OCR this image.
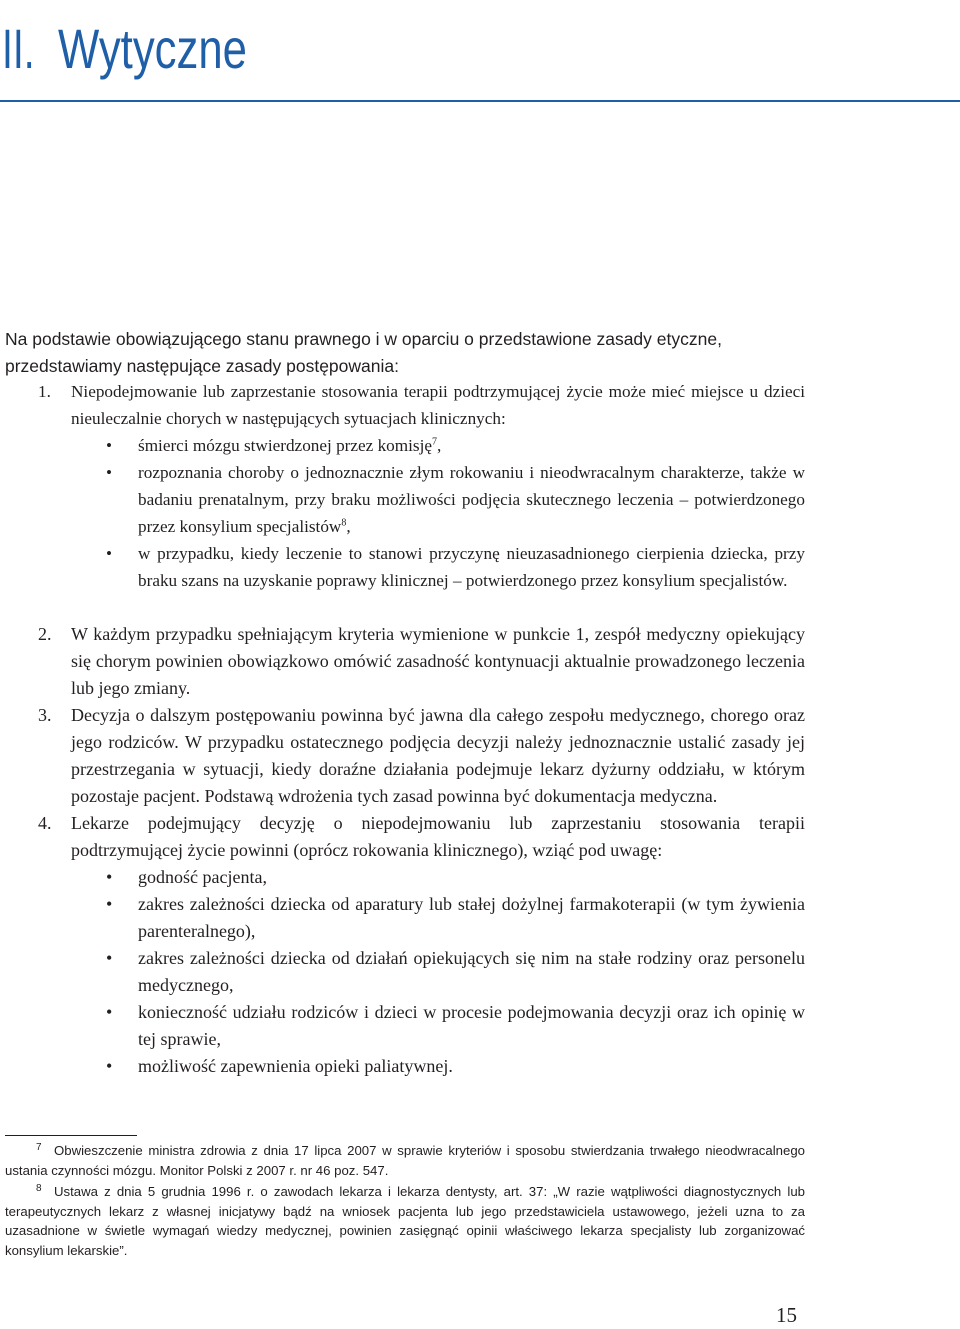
II. Wytyczne

Na podstawie obowiązującego stanu prawnego i w oparciu o przedstawione zasady etyczne, przedstawiamy następujące zasady postępowania:

1. Niepodejmowanie lub zaprzestanie stosowania terapii podtrzymującej życie może mieć miejsce u dzieci nieuleczalnie chorych w następujących sytuacjach klinicznych:
• śmierci mózgu stwierdzonej przez komisję$^7$,
• rozpoznania choroby o jednoznacznie złym rokowaniu i nieodwracalnym charakterze, także w badaniu prenatalnym, przy braku możliwości podjęcia skutecznego leczenia – potwierdzonego przez konsylium specjalistów$^8$,
• w przypadku, kiedy leczenie to stanowi przyczynę nieuzasadnionego cierpienia dziecka, przy braku szans na uzyskanie poprawy klinicznej – potwierdzonego przez konsylium specjalistów.
2. W każdym przypadku spełniającym kryteria wymienione w punkcie 1, zespół medyczny opiekujący się chorym powinien obowiązkowo omówić zasadność kontynuacji aktualnie prowadzonego leczenia lub jego zmiany.
3. Decyzja o dalszym postępowaniu powinna być jawna dla całego zespołu medycznego, chorego oraz jego rodziców. W przypadku ostatecznego podjęcia decyzji należy jednoznacznie ustalić zasady jej przestrzegania w sytuacji, kiedy doraźne działania podejmuje lekarz dyżurny oddziału, w którym pozostaje pacjent. Podstawą wdrożenia tych zasad powinna być dokumentacja medyczna.
4. Lekarze podejmujący decyzję o niepodejmowaniu lub zaprzestaniu stosowania terapii podtrzymującej życie powinni (oprócz rokowania klinicznego), wziąć pod uwagę:
• godność pacjenta,
• zakres zależności dziecka od aparatury lub stałej dożylnej farmakoterapii (w tym żywienia parenteralnego),
• zakres zależności dziecka od działań opiekujących się nim na stałe rodziny oraz personelu medycznego,
• konieczność udziału rodziców i dzieci w procesie podejmowania decyzji oraz ich opinię w tej sprawie,
• możliwość zapewnienia opieki paliatywnej.

7 Obwieszczenie ministra zdrowia z dnia 17 lipca 2007 w sprawie kryteriów i sposobu stwierdzania trwałego nieodwracalnego ustania czynności mózgu. Monitor Polski z 2007 r. nr 46 poz. 547.

8 Ustawa z dnia 5 grudnia 1996 r. o zawodach lekarza i lekarza dentysty, art. 37: „W razie wątpliwości diagnostycznych lub terapeutycznych lekarz z własnej inicjatywy bądź na wniosek pacjenta lub jego przedstawiciela ustawowego, jeżeli uzna to za uzasadnione w świetle wymagań wiedzy medycznej, powinien zasięgnąć opinii właściwego lekarza specjalisty lub zorganizować konsylium lekarskie”.

15
